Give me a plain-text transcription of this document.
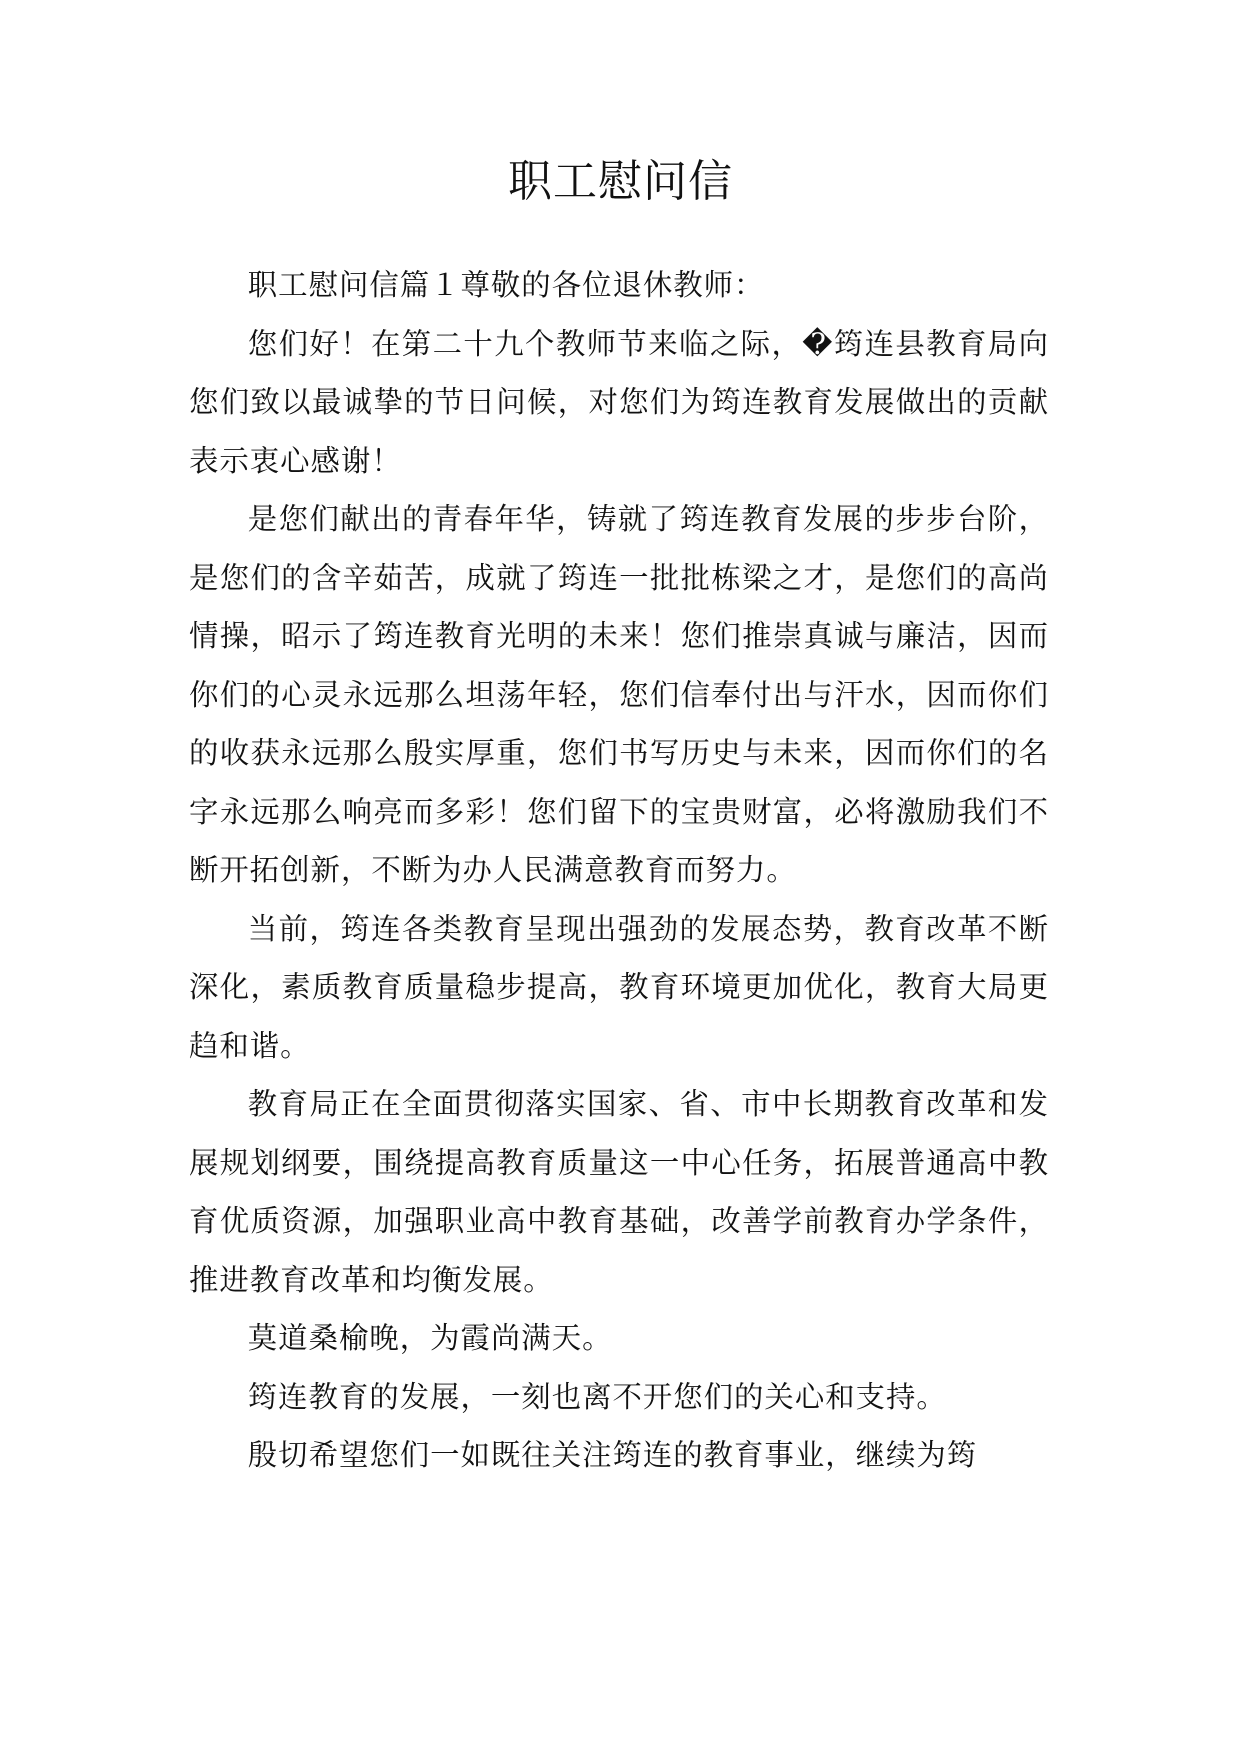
职工慰问信

职工慰问信篇１尊敬的各位退休教师：

您们好！在第二十九个教师节来临之际，�筠连县教育局向您们致以最诚挚的节日问候，对您们为筠连教育发展做出的贡献表示衷心感谢！

是您们献出的青春年华，铸就了筠连教育发展的步步台阶，是您们的含辛茹苦，成就了筠连一批批栋梁之才，是您们的高尚情操，昭示了筠连教育光明的未来！您们推崇真诚与廉洁，因而你们的心灵永远那么坦荡年轻，您们信奉付出与汗水，因而你们的收获永远那么殷实厚重，您们书写历史与未来，因而你们的名字永远那么响亮而多彩！您们留下的宝贵财富，必将激励我们不断开拓创新，不断为办人民满意教育而努力。

当前，筠连各类教育呈现出强劲的发展态势，教育改革不断深化，素质教育质量稳步提高，教育环境更加优化，教育大局更趋和谐。

教育局正在全面贯彻落实国家、省、市中长期教育改革和发展规划纲要，围绕提高教育质量这一中心任务，拓展普通高中教育优质资源，加强职业高中教育基础，改善学前教育办学条件，推进教育改革和均衡发展。

莫道桑榆晚，为霞尚满天。

筠连教育的发展，一刻也离不开您们的关心和支持。

殷切希望您们一如既往关注筠连的教育事业，继续为筠
